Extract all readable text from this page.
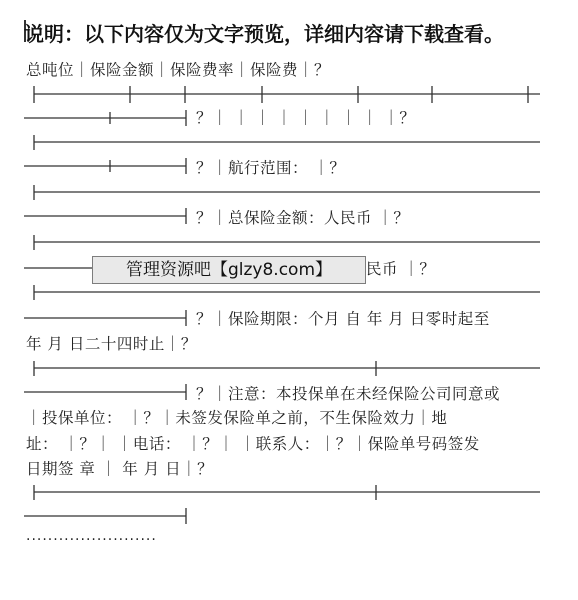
说明：以下内容仅为文字预览，详细内容请下载查看。
总吨位｜保险金额｜保险费率｜保险费｜？
？｜ ｜ ｜ ｜ ｜ ｜ ｜ ｜ ｜？
？｜航行范围： ｜？
？｜总保险金额：人民币 ｜？
民币 ｜？
？｜保险期限：个月 自 年 月 日零时起至
年 月 日二十四时止｜？
？｜注意：本投保单在未经保险公司同意或
｜投保单位： ｜？｜未签发保险单之前，不生保险效力｜地
址： ｜？｜ ｜电话： ｜？｜ ｜联系人：｜？｜保险单号码签发
日期签 章 ｜ 年 月 日｜？
管理资源吧【glzy8.com】
························
